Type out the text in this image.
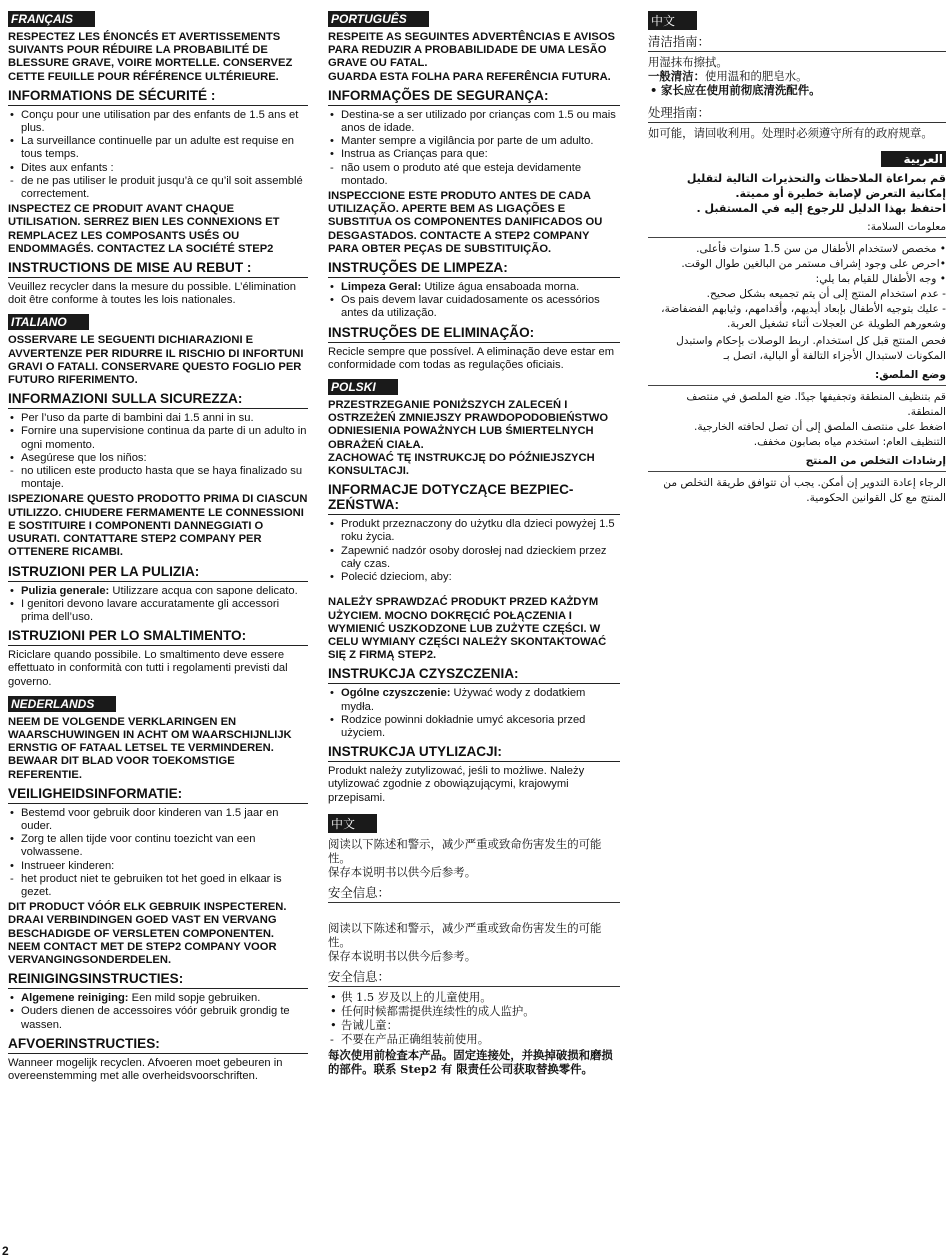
FRANÇAIS
RESPECTEZ LES ÉNONCÉS ET AVERTISSEMENTS SUIVANTS POUR RÉDUIRE LA PROBABILITÉ DE BLESSURE GRAVE, VOIRE MORTELLE. CONSERVEZ CETTE FEUILLE POUR RÉFÉRENCE ULTÉRIEURE.
INFORMATIONS DE SÉCURITÉ :
• Conçu pour une utilisation par des enfants de 1.5 ans et plus.
• La surveillance continuelle par un adulte est requise en tous temps.
• Dites aux enfants :
- de ne pas utiliser le produit jusqu’à ce qu’il soit assemblé correctement.
INSPECTEZ CE PRODUIT AVANT CHAQUE UTILISATION. SERREZ BIEN LES CONNEXIONS ET REMPLACEZ LES COMPOSANTS USÉS OU ENDOMMAGÉS. CONTACTEZ LA SOCIÉTÉ STEP2
INSTRUCTIONS DE MISE AU REBUT :
Veuillez recycler dans la mesure du possible. L’élimination doit être conforme à toutes les lois nationales.
ITALIANO
OSSERVARE LE SEGUENTI DICHIARAZIONI E AVVERTENZE PER RIDURRE IL RISCHIO DI INFORTUNI GRAVI O FATALI. CONSERVARE QUESTO FOGLIO PER FUTURO RIFERIMENTO.
INFORMAZIONI SULLA SICUREZZA:
• Per l’uso da parte di bambini dai 1.5 anni in su.
• Fornire una supervisione continua da parte di un adulto in ogni momento.
• Asegúrese que los niños:
- no utilicen este producto hasta que se haya finalizado su montaje.
ISPEZIONARE QUESTO PRODOTTO PRIMA DI CIASCUN UTILIZZO. CHIUDERE FERMAMENTE LE CONNESSIONI E SOSTITUIRE I COMPONENTI DANNEGGIATI O USURATI. CONTATTARE STEP2 COMPANY PER OTTENERE RICAMBI.
ISTRUZIONI PER LA PULIZIA:
• Pulizia generale: Utilizzare acqua con sapone delicato.
• I genitori devono lavare accuratamente gli accessori prima dell’uso.
ISTRUZIONI PER LO SMALTIMENTO:
Riciclare quando possibile. Lo smaltimento deve essere effettuato in conformità con tutti i regolamenti previsti dal governo.
NEDERLANDS
NEEM DE VOLGENDE VERKLARINGEN EN WAARSCHUWINGEN IN ACHT OM WAARSCHIJNLIJK ERNSTIG OF FATAAL LETSEL TE VERMINDEREN. BEWAAR DIT BLAD VOOR TOEKOMSTIGE REFERENTIE.
VEILIGHEIDSINFORMATIE:
• Bestemd voor gebruik door kinderen van 1.5 jaar en ouder.
• Zorg te allen tijde voor continu toezicht van een volwassene.
• Instrueer kinderen:
- het product niet te gebruiken tot het goed in elkaar is gezet.
DIT PRODUCT VÓÓR ELK GEBRUIK INSPECTEREN. DRAAI VERBINDINGEN GOED VAST EN VERVANG BESCHADIGDE OF VERSLETEN COMPONENTEN. NEEM CONTACT MET DE STEP2 COMPANY VOOR VERVANGINGSONDERDELEN.
REINIGINGSINSTRUCTIES:
• Algemene reiniging: Een mild sopje gebruiken.
• Ouders dienen de accessoires vóór gebruik grondig te wassen.
AFVOERINSTRUCTIES:
Wanneer mogelijk recyclen. Afvoeren moet gebeuren in overeenstemming met alle overheidsvoorschriften.
PORTUGUÊS
RESPEITE AS SEGUINTES ADVERTÊNCIAS E AVISOS PARA REDUZIR A PROBABILIDADE DE UMA LESÃO GRAVE OU FATAL.
GUARDA ESTA FOLHA PARA REFERÊNCIA FUTURA.
INFORMAÇÕES DE SEGURANÇA:
• Destina-se a ser utilizado por crianças com 1.5 ou mais anos de idade.
• Manter sempre a vigilância por parte de um adulto.
• Instrua as Crianças para que:
- não usem o produto até que esteja devidamente montado.
INSPECCIONE ESTE PRODUTO ANTES DE CADA UTILIZAÇÃO. APERTE BEM AS LIGAÇÕES E SUBSTITUA OS COMPONENTES DANIFICADOS OU DESGASTADOS. CONTACTE A STEP2 COMPANY PARA OBTER PEÇAS DE SUBSTITUIÇÃO.
INSTRUÇÕES DE LIMPEZA:
• Limpeza Geral: Utilize água ensaboada morna.
• Os pais devem lavar cuidadosamente os acessórios antes da utilização.
INSTRUÇÕES DE ELIMINAÇÃO:
Recicle sempre que possível. A eliminação deve estar em conformidade com todas as regulações oficiais.
POLSKI
PRZESTRZEGANIE PONIŻSZYCH ZALECEŃ I OSTRZEŻEŃ ZMNIEJSZY PRAWDOPODOBIEŃSTWO ODNIESIENIA POWAŻNYCH LUB ŚMIERTELNYCH OBRAŻEŃ CIAŁA.
ZACHOWAĆ TĘ INSTRUKCJĘ DO PÓŹNIEJSZYCH KONSULTACJI.
INFORMACJE DOTYCZĄCE BEZPIEC-ZEŃSTWA:
• Produkt przeznaczony do użytku dla dzieci powyżej 1.5 roku życia.
• Zapewnić nadzór osoby dorosłej nad dzieckiem przez cały czas.
• Polecić dzieciom, aby:
NALEŻY SPRAWDZAĆ PRODUKT PRZED KAŻDYM UŻYCIEM. MOCNO DOKRĘCIĆ POŁĄCZENIA I WYMIENIĆ USZKODZONE LUB ZUŻYTE CZĘŚCI. W CELU WYMIANY CZĘŚCI NALEŻY SKONTAKTOWAĆ SIĘ Z FIRMĄ STEP2.
INSTRUKCJA CZYSZCZENIA:
• Ogólne czyszczenie: Używać wody z dodatkiem mydła.
• Rodzice powinni dokładnie umyć akcesoria przed użyciem.
INSTRUKCJA UTYLIZACJI:
Produkt należy zutylizować, jeśli to możliwe. Należy utylizować zgodnie z obowiązującymi, krajowymi przepisami.
中文
阅读以下陈述和警示，减少严重或致命伤害发生的可能性。
保存本说明书以供今后参考。
安全信息：
阅读以下陈述和警示，减少严重或致命伤害发生的可能性。
保存本说明书以供今后参考。
安全信息：
• 供 1.5 岁及以上的儿童使用。
• 任何时候都需提供连续性的成人监护。
• 告诫儿童：
- 不要在产品正确组装前使用。
每次使用前检查本产品。固定连接处，并换掉破损和磨损的部件。联系 Step2 有 限责任公司获取替换零件。
中文
清洁指南：
用湿抹布擦拭。
一般清洁：使用温和的肥皂水。
• 家长应在使用前彻底清洗配件。
处理指南：
如可能，请回收利用。处理时必须遵守所有的政府规章。
العربية
قم بمراعاة الملاحظات والتحذيرات التالية لتقليل إمكانية التعرض لإصابة خطيرة أو مميتة.
احتفظ بهذا الدليل للرجوع إليه في المستقبل .
معلومات السلامة:
• مخصص لاستخدام الأطفال من سن 1.5 سنوات فأعلى.
•احرص على وجود إشراف مستمر من البالغين طوال الوقت.
• وجه الأطفال للقيام بما يلي:
- عدم استخدام المنتج إلى أن يتم تجميعه بشكل صحيح.
- عليك بتوجيه الأطفال بإبعاد أيديهم، وأقدامهم، وثيابهم الفضفاضة، وشعورهم الطويلة عن العجلات أثناء تشغيل العربة.
فحص المنتج قبل كل استخدام. اربط الوصلات بإحكام واستبدل المكونات لاستبدال الأجزاء التالفة أو البالية، اتصل بـ
وضع الملصق:
قم بتنظيف المنطقة وتجفيفها جيدًا. ضع الملصق في منتصف المنطقة.
اضغط على منتصف الملصق إلى أن تصل لحافته الخارجية.
التنظيف العام: استخدم مياه بصابون مخفف.
إرشادات التخلص من المنتج
الرجاء إعادة التدوير إن أمكن. يجب أن تتوافق طريقة التخلص من المنتج مع كل القوانين الحكومية.
2
